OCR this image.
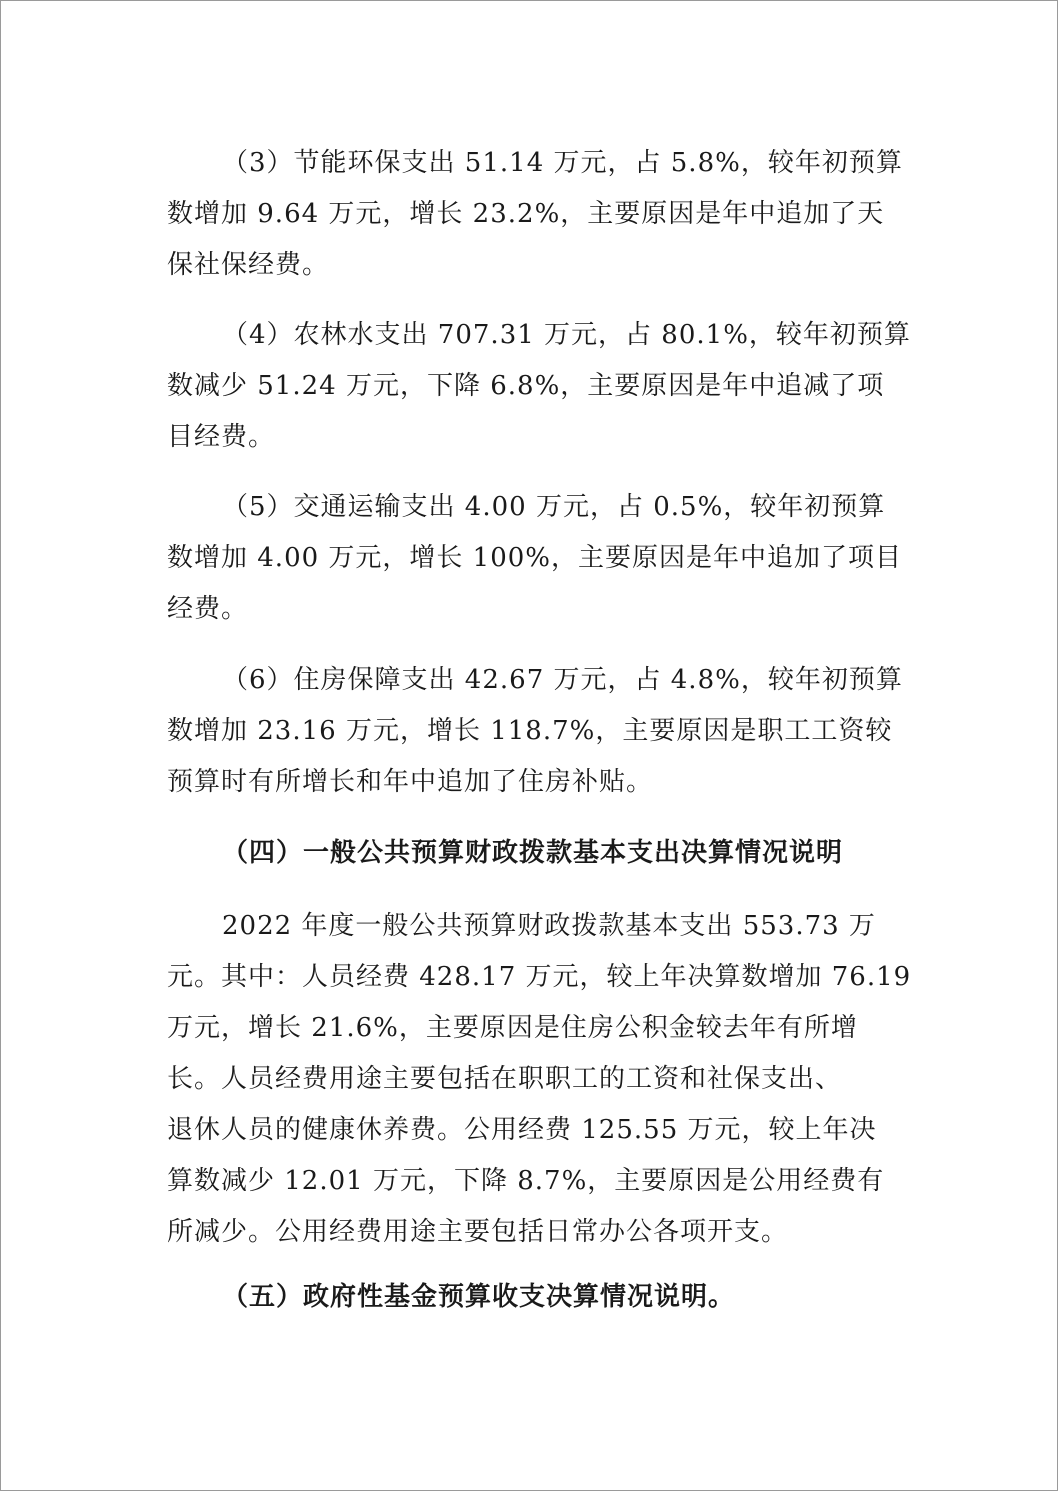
（3）节能环保支出 51.14 万元，占 5.8%，较年初预算
数增加 9.64 万元，增长 23.2%，主要原因是年中追加了天
保社保经费。

（4）农林水支出 707.31 万元，占 80.1%，较年初预算
数减少 51.24 万元，下降 6.8%，主要原因是年中追减了项
目经费。

（5）交通运输支出 4.00 万元，占 0.5%，较年初预算
数增加 4.00 万元，增长 100%，主要原因是年中追加了项目
经费。

（6）住房保障支出 42.67 万元，占 4.8%，较年初预算
数增加 23.16 万元，增长 118.7%，主要原因是职工工资较
预算时有所增长和年中追加了住房补贴。

（四）一般公共预算财政拨款基本支出决算情况说明

2022 年度一般公共预算财政拨款基本支出 553.73 万
元。其中：人员经费 428.17 万元，较上年决算数增加 76.19
万元，增长 21.6%，主要原因是住房公积金较去年有所增
长。人员经费用途主要包括在职职工的工资和社保支出、
退休人员的健康休养费。公用经费 125.55 万元，较上年决
算数减少 12.01 万元，下降 8.7%，主要原因是公用经费有
所减少。公用经费用途主要包括日常办公各项开支。

（五）政府性基金预算收支决算情况说明。
